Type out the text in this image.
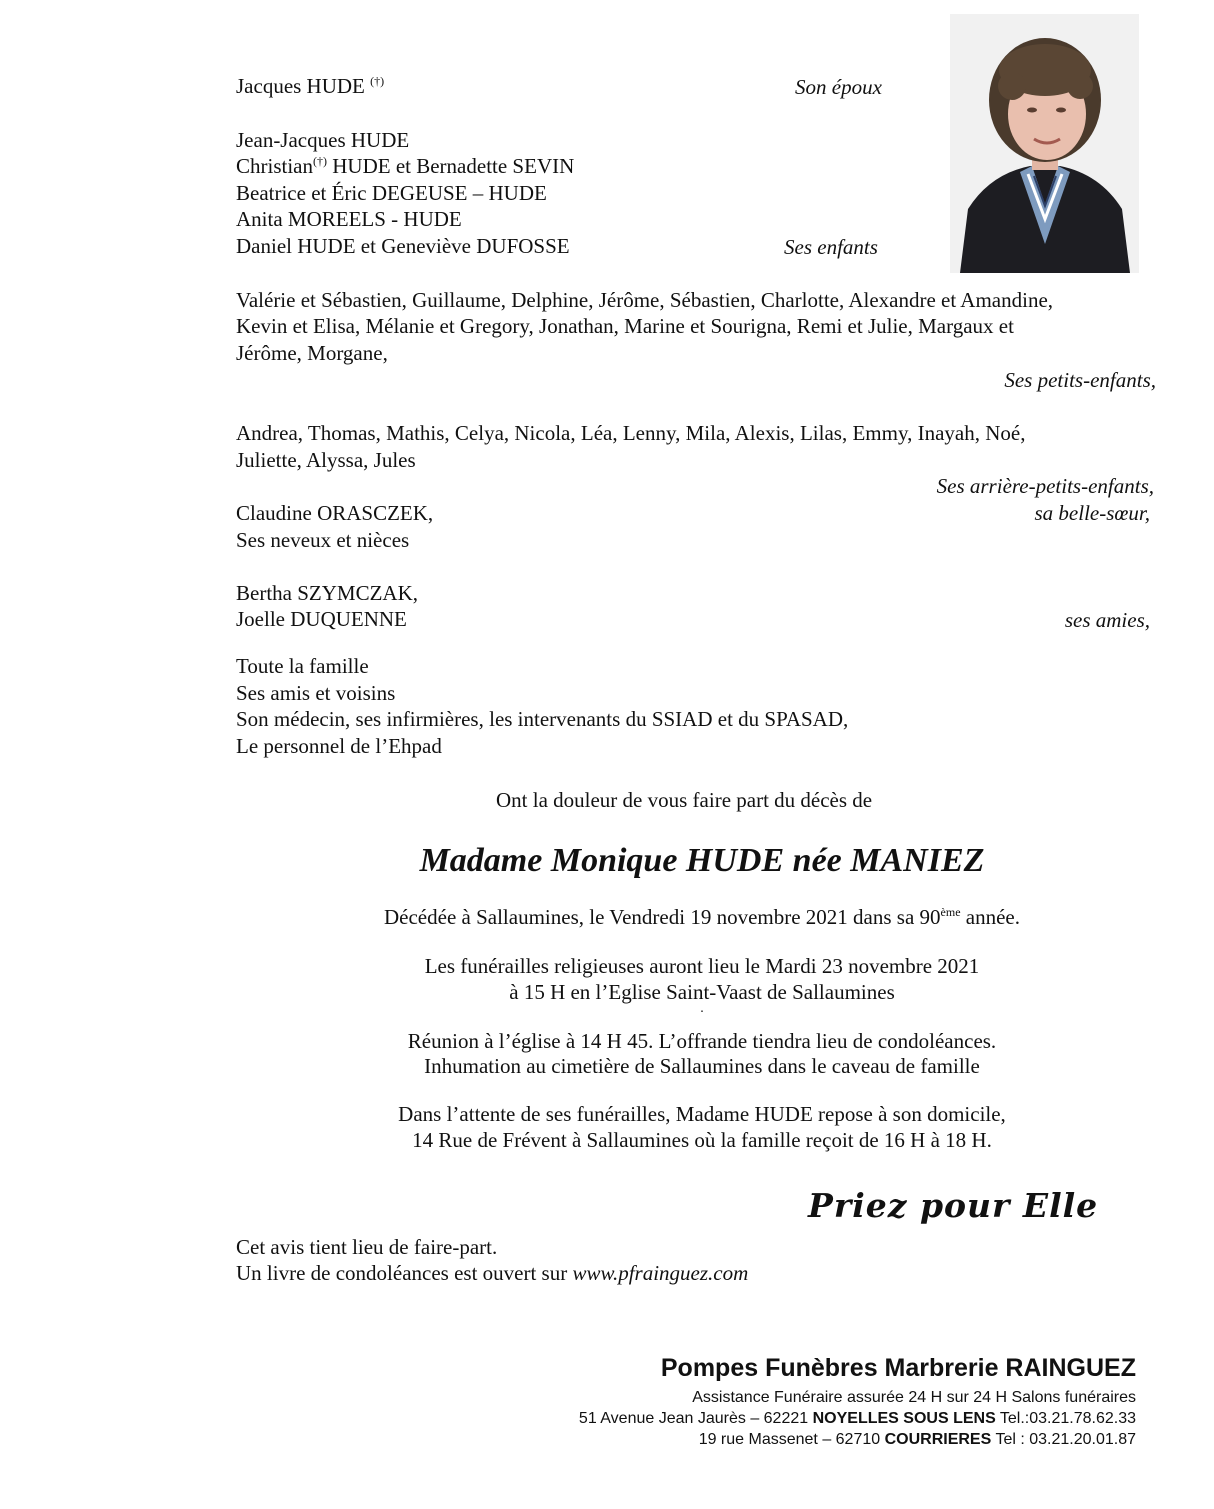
Jacques HUDE (†)	Son époux
Jean-Jacques HUDE
Christian(†) HUDE et Bernadette SEVIN
Beatrice et Éric DEGEUSE – HUDE
Anita MOREELS - HUDE
Daniel HUDE et Geneviève DUFOSSE	Ses enfants
Valérie et Sébastien, Guillaume, Delphine, Jérôme, Sébastien, Charlotte, Alexandre et Amandine,
Kevin et Elisa, Mélanie et Gregory, Jonathan, Marine et Sourigna, Remi et Julie, Margaux et
Jérôme, Morgane,
Ses petits-enfants,
Andrea, Thomas, Mathis, Celya, Nicola, Léa, Lenny, Mila, Alexis, Lilas, Emmy, Inayah, Noé,
Juliette, Alyssa, Jules
Ses arrière-petits-enfants,
Claudine ORASCZEK,	sa belle-sœur,
Ses neveux et nièces
Bertha SZYMCZAK,
Joelle DUQUENNE	ses amies,
Toute la famille
Ses amis et voisins
Son médecin, ses infirmières, les intervenants du SSIAD et du SPASAD,
Le personnel de l’Ehpad
Ont la douleur de vous faire part du décès de
Madame Monique HUDE née MANIEZ
Décédée à Sallaumines, le Vendredi 19 novembre 2021 dans sa 90ème année.
Les funérailles religieuses auront lieu le Mardi 23 novembre 2021
à 15 H en l’Eglise Saint-Vaast de Sallaumines
.
Réunion à l’église à 14 H 45. L’offrande tiendra lieu de condoléances.
Inhumation au cimetière de Sallaumines dans le caveau de famille
Dans l’attente de ses funérailles, Madame HUDE repose à son domicile,
14 Rue de Frévent à Sallaumines où la famille reçoit de 16 H à 18 H.
Priez pour Elle
Cet avis tient lieu de faire-part.
Un livre de condoléances est ouvert sur www.pfrainguez.com
Pompes Funèbres Marbrerie RAINGUEZ
Assistance Funéraire assurée 24 H sur 24 H Salons funéraires
51 Avenue Jean Jaurès – 62221 NOYELLES SOUS LENS Tel.:03.21.78.62.33
19 rue Massenet – 62710 COURRIERES Tel : 03.21.20.01.87
